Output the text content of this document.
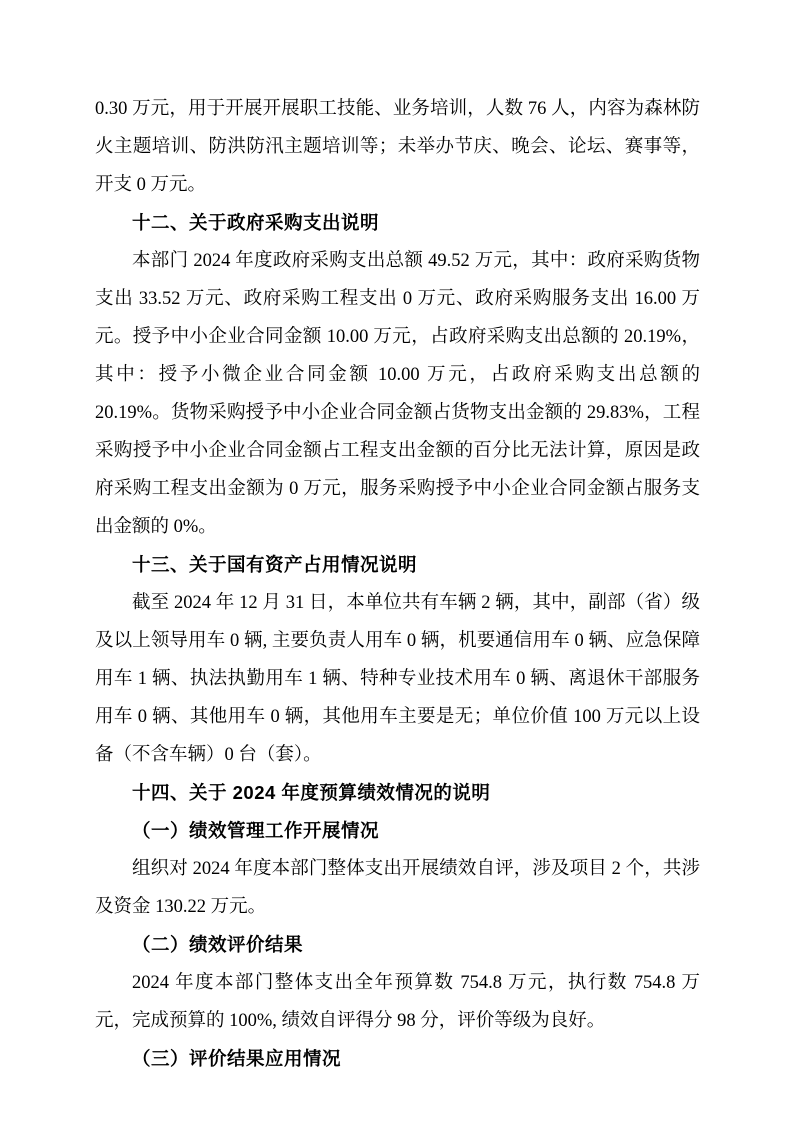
0.30 万元，用于开展开展职工技能、业务培训，人数 76 人，内容为森林防火主题培训、防洪防汛主题培训等；未举办节庆、晚会、论坛、赛事等，开支 0 万元。

十二、关于政府采购支出说明

本部门 2024 年度政府采购支出总额 49.52 万元，其中：政府采购货物支出 33.52 万元、政府采购工程支出 0 万元、政府采购服务支出 16.00 万元。授予中小企业合同金额 10.00 万元，占政府采购支出总额的 20.19%，其中：授予小微企业合同金额 10.00 万元，占政府采购支出总额的 20.19%。货物采购授予中小企业合同金额占货物支出金额的 29.83%，工程采购授予中小企业合同金额占工程支出金额的百分比无法计算，原因是政府采购工程支出金额为 0 万元，服务采购授予中小企业合同金额占服务支出金额的 0%。

十三、关于国有资产占用情况说明

截至 2024 年 12 月 31 日，本单位共有车辆 2 辆，其中，副部（省）级及以上领导用车 0 辆, 主要负责人用车 0 辆，机要通信用车 0 辆、应急保障用车 1 辆、执法执勤用车 1 辆、特种专业技术用车 0 辆、离退休干部服务用车 0 辆、其他用车 0 辆，其他用车主要是无；单位价值 100 万元以上设备（不含车辆）0 台（套）。

十四、关于 2024 年度预算绩效情况的说明

（一）绩效管理工作开展情况

组织对 2024 年度本部门整体支出开展绩效自评，涉及项目 2 个，共涉及资金 130.22 万元。

（二）绩效评价结果

2024 年度本部门整体支出全年预算数 754.8 万元，执行数 754.8 万元，完成预算的 100%, 绩效自评得分 98 分，评价等级为良好。

（三）评价结果应用情况
